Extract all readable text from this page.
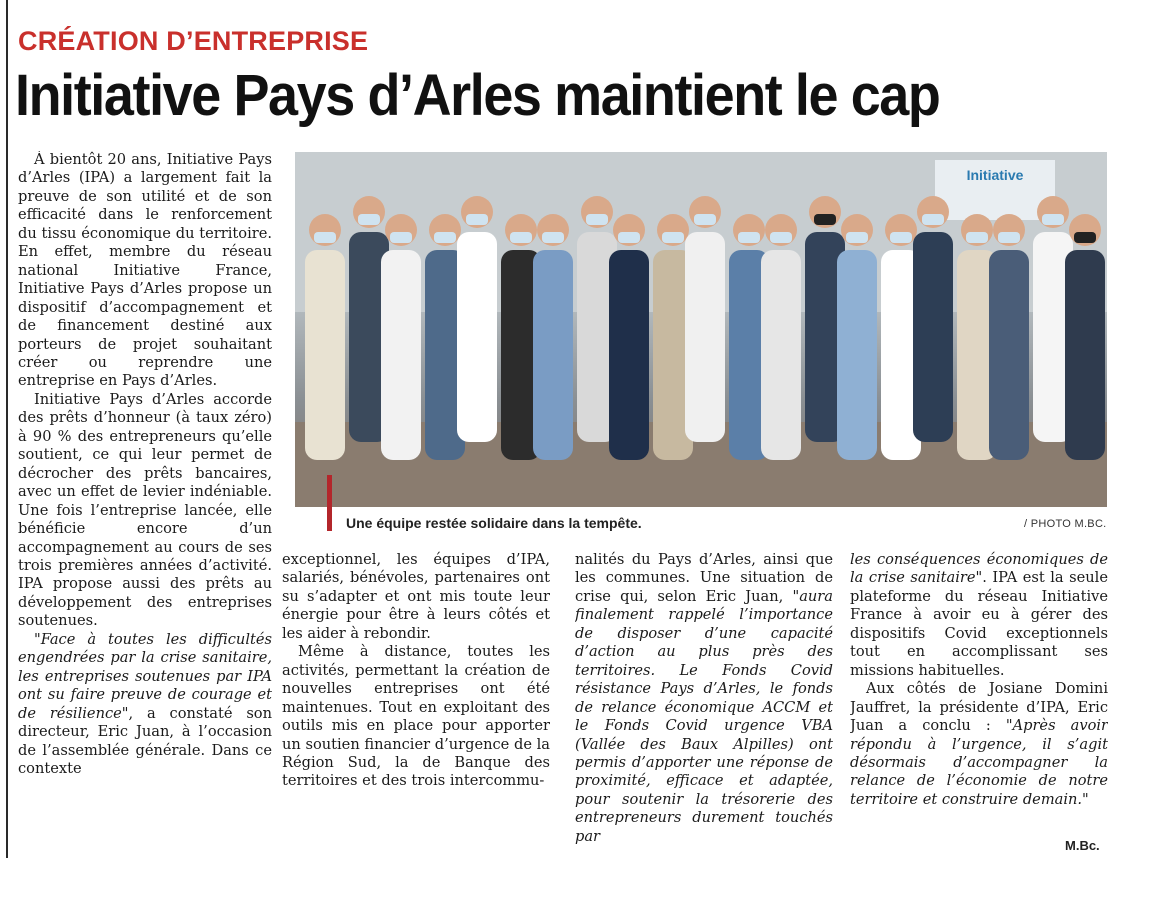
CRÉATION D’ENTREPRISE
Initiative Pays d’Arles maintient le cap

À bientôt 20 ans, Initiative Pays d’Arles (IPA) a largement fait la preuve de son utilité et de son efficacité dans le renforcement du tissu économique du territoire. En effet, membre du réseau national Initiative France, Initiative Pays d’Arles propose un dispositif d’accompagnement et de financement destiné aux porteurs de projet souhaitant créer ou reprendre une entreprise en Pays d’Arles.

Initiative Pays d’Arles accorde des prêts d’honneur (à taux zéro) à 90 % des entrepreneurs qu’elle soutient, ce qui leur permet de décrocher des prêts bancaires, avec un effet de levier indéniable. Une fois l’entreprise lancée, elle bénéficie encore d’un accompagnement au cours de ses trois premières années d’activité. IPA propose aussi des prêts au développement des entreprises soutenues.

"Face à toutes les difficultés engendrées par la crise sanitaire, les entreprises soutenues par IPA ont su faire preuve de courage et de résilience", a constaté son directeur, Eric Juan, à l’occasion de l’assemblée générale. Dans ce contexte

Initiative
Une équipe restée solidaire dans la tempête.	/ PHOTO M.BC.

exceptionnel, les équipes d’IPA, salariés, bénévoles, partenaires ont su s’adapter et ont mis toute leur énergie pour être à leurs côtés et les aider à rebondir.

Même à distance, toutes les activités, permettant la création de nouvelles entreprises ont été maintenues. Tout en exploitant des outils mis en place pour apporter un soutien financier d’urgence de la Région Sud, la de Banque des territoires et des trois intercommu-

nalités du Pays d’Arles, ainsi que les communes. Une situation de crise qui, selon Eric Juan, "aura finalement rappelé l’importance de disposer d’une capacité d’action au plus près des territoires. Le Fonds Covid résistance Pays d’Arles, le fonds de relance économique ACCM et le Fonds Covid urgence VBA (Vallée des Baux Alpilles) ont permis d’apporter une réponse de proximité, efficace et adaptée, pour soutenir la trésorerie des entrepreneurs durement touchés par

les conséquences économiques de la crise sanitaire". IPA est la seule plateforme du réseau Initiative France à avoir eu à gérer des dispositifs Covid exceptionnels tout en accomplissant ses missions habituelles.

Aux côtés de Josiane Domini Jauffret, la présidente d’IPA, Eric Juan a conclu : "Après avoir répondu à l’urgence, il s’agit désormais d’accompagner la relance de l’économie de notre territoire et construire demain."

M.Bc.
